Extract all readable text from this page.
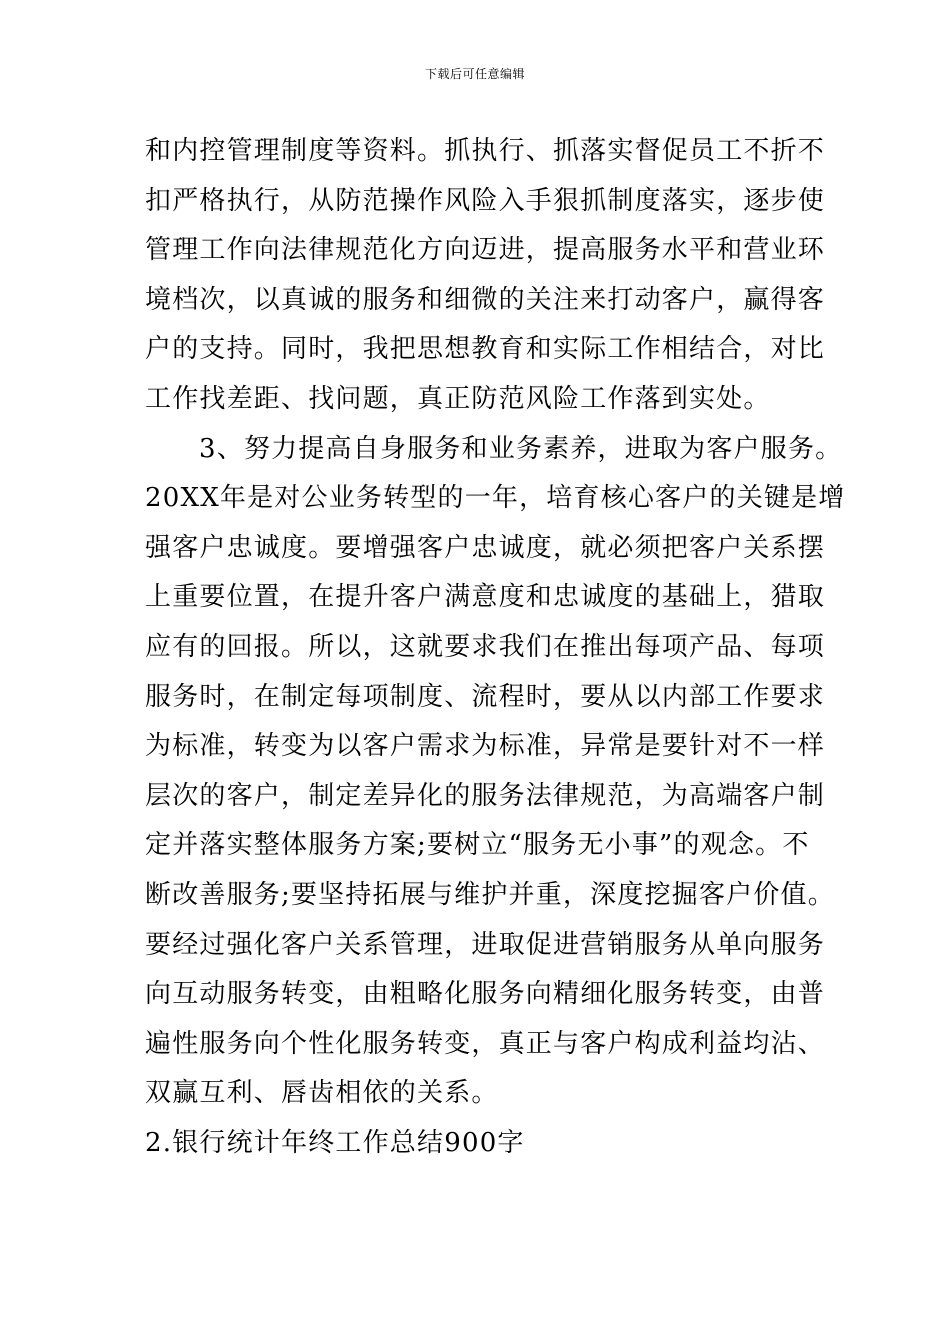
下载后可任意编辑
和内控管理制度等资料。抓执行、抓落实督促员工不折不
扣严格执行，从防范操作风险入手狠抓制度落实，逐步使
管理工作向法律规范化方向迈进，提高服务水平和营业环
境档次，以真诚的服务和细微的关注来打动客户，赢得客
户的支持。同时，我把思想教育和实际工作相结合，对比
工作找差距、找问题，真正防范风险工作落到实处。
3、努力提高自身服务和业务素养，进取为客户服务。
20XX年是对公业务转型的一年，培育核心客户的关键是增
强客户忠诚度。要增强客户忠诚度，就必须把客户关系摆
上重要位置，在提升客户满意度和忠诚度的基础上，猎取
应有的回报。所以，这就要求我们在推出每项产品、每项
服务时，在制定每项制度、流程时，要从以内部工作要求
为标准，转变为以客户需求为标准，异常是要针对不一样
层次的客户，制定差异化的服务法律规范，为高端客户制
定并落实整体服务方案;要树立“服务无小事”的观念。不
断改善服务;要坚持拓展与维护并重，深度挖掘客户价值。
要经过强化客户关系管理，进取促进营销服务从单向服务
向互动服务转变，由粗略化服务向精细化服务转变，由普
遍性服务向个性化服务转变，真正与客户构成利益均沾、
双赢互利、唇齿相依的关系。
2.银行统计年终工作总结900字
